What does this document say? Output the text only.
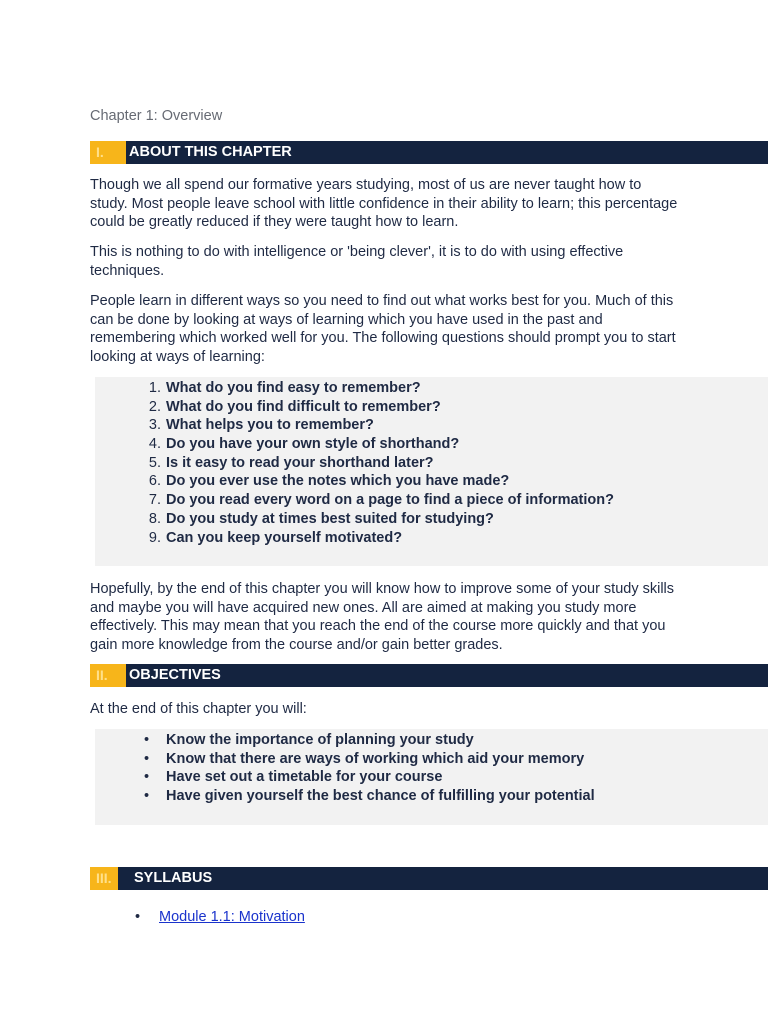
Chapter 1: Overview
I.	ABOUT THIS CHAPTER

Though we all spend our formative years studying, most of us are never taught how to study. Most people leave school with little confidence in their ability to learn; this percentage could be greatly reduced if they were taught how to learn.

This is nothing to do with intelligence or 'being clever', it is to do with using effective techniques.

People learn in different ways so you need to find out what works best for you. Much of this can be done by looking at ways of learning which you have used in the past and remembering which worked well for you. The following questions should prompt you to start looking at ways of learning:

1. What do you find easy to remember?
2. What do you find difficult to remember?
3. What helps you to remember?
4. Do you have your own style of shorthand?
5. Is it easy to read your shorthand later?
6. Do you ever use the notes which you have made?
7. Do you read every word on a page to find a piece of information?
8. Do you study at times best suited for studying?
9. Can you keep yourself motivated?

Hopefully, by the end of this chapter you will know how to improve some of your study skills and maybe you will have acquired new ones. All are aimed at making you study more effectively. This may mean that you reach the end of the course more quickly and that you gain more knowledge from the course and/or gain better grades.

II.	OBJECTIVES

At the end of this chapter you will:

• Know the importance of planning your study
• Know that there are ways of working which aid your memory
• Have set out a timetable for your course
• Have given yourself the best chance of fulfilling your potential
III.	SYLLABUS
• Module 1.1: Motivation
